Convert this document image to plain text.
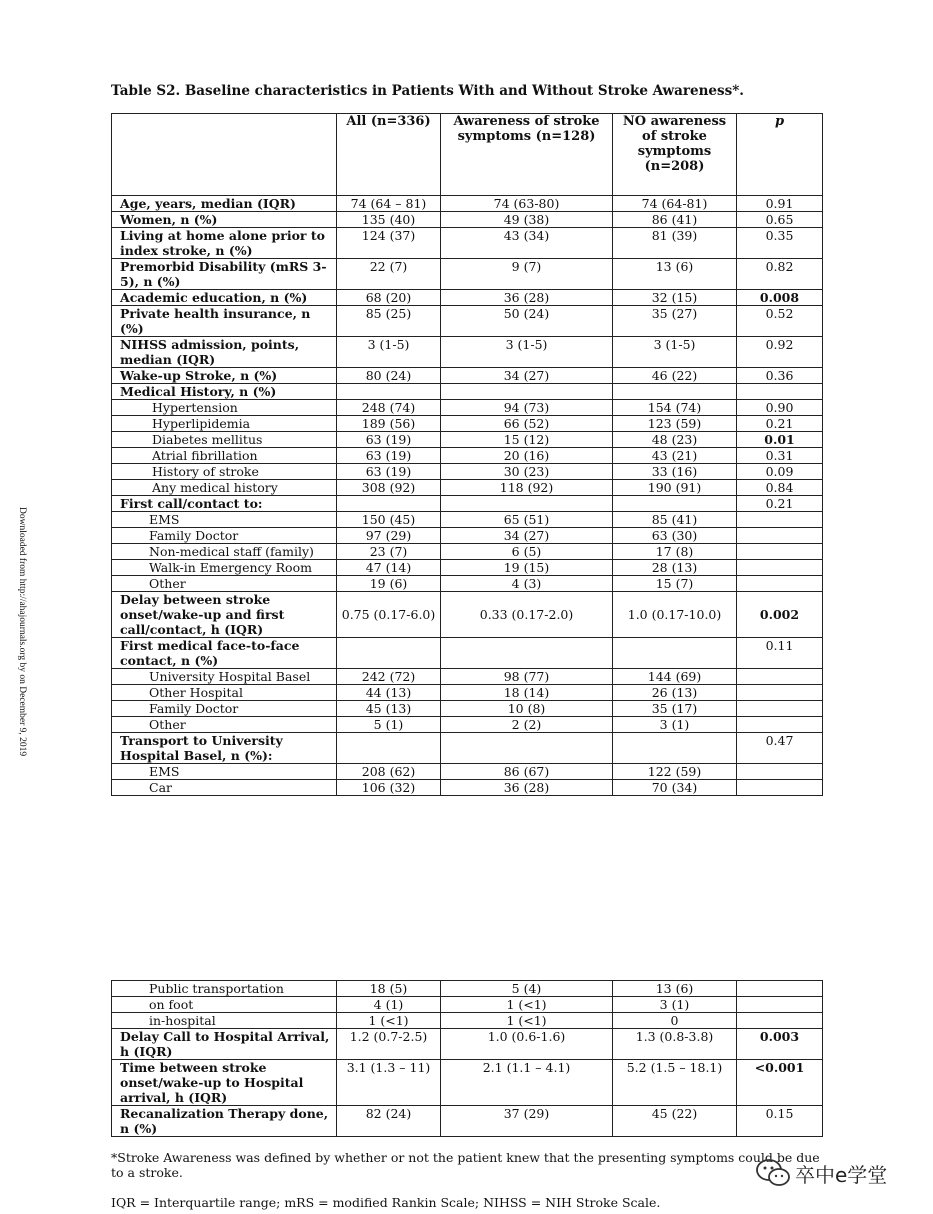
Table S2. Baseline characteristics in Patients With and Without Stroke Awareness*.
Downloaded from http://ahajournals.org by on December 9, 2019
	All (n=336)	Awareness of stroke symptoms (n=128)	NO awareness of stroke symptoms (n=208)	p
Age, years, median (IQR)	74 (64 – 81)	74 (63-80)	74 (64-81)	0.91
Women, n (%)	135 (40)	49 (38)	86 (41)	0.65
Living at home alone prior to index stroke, n (%)	124 (37)	43 (34)	81 (39)	0.35
Premorbid Disability (mRS 3-5), n (%)	22 (7)	9 (7)	13 (6)	0.82
Academic education, n (%)	68 (20)	36 (28)	32 (15)	0.008
Private health insurance, n (%)	85 (25)	50 (24)	35 (27)	0.52
NIHSS admission, points, median (IQR)	3 (1-5)	3 (1-5)	3 (1-5)	0.92
Wake-up Stroke, n (%)	80 (24)	34 (27)	46 (22)	0.36
Medical History, n (%)				
Hypertension	248 (74)	94 (73)	154 (74)	0.90
Hyperlipidemia	189 (56)	66 (52)	123 (59)	0.21
Diabetes mellitus	63 (19)	15 (12)	48 (23)	0.01
Atrial fibrillation	63 (19)	20 (16)	43 (21)	0.31
History of stroke	63 (19)	30 (23)	33 (16)	0.09
Any medical history	308 (92)	118 (92)	190 (91)	0.84
First call/contact to:				0.21
EMS	150 (45)	65 (51)	85 (41)	
Family Doctor	97 (29)	34 (27)	63 (30)	
Non-medical staff (family)	23 (7)	6 (5)	17 (8)	
Walk-in Emergency Room	47 (14)	19 (15)	28 (13)	
Other	19 (6)	4 (3)	15 (7)	
Delay between stroke onset/wake-up and first call/contact, h (IQR)	0.75 (0.17-6.0)	0.33 (0.17-2.0)	1.0 (0.17-10.0)	0.002
First medical face-to-face contact, n (%)				0.11
University Hospital Basel	242 (72)	98 (77)	144 (69)	
Other Hospital	44 (13)	18 (14)	26 (13)	
Family Doctor	45 (13)	10 (8)	35 (17)	
Other	5 (1)	2 (2)	3 (1)	
Transport to University Hospital Basel, n (%):				0.47
EMS	208 (62)	86 (67)	122 (59)	
Car	106 (32)	36 (28)	70 (34)	
Public transportation	18 (5)	5 (4)	13 (6)	
on foot	4 (1)	1 (<1)	3 (1)	
in-hospital	1 (<1)	1 (<1)	0	
Delay Call to Hospital Arrival, h (IQR)	1.2 (0.7-2.5)	1.0 (0.6-1.6)	1.3 (0.8-3.8)	0.003
Time between stroke onset/wake-up to Hospital arrival, h (IQR)	3.1 (1.3 – 11)	2.1 (1.1 – 4.1)	5.2 (1.5 – 18.1)	<0.001
Recanalization Therapy done, n (%)	82 (24)	37 (29)	45 (22)	0.15
*Stroke Awareness was defined by whether or not the patient knew that the presenting symptoms could be due to a stroke.
IQR = Interquartile range; mRS = modified Rankin Scale; NIHSS = NIH Stroke Scale.
卒中e学堂
